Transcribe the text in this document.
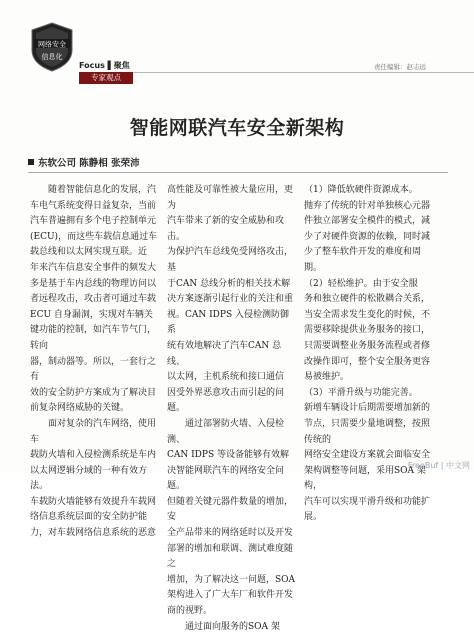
网络安全
信息化
Focus ▌聚焦
专家观点
责任编辑：赵志远
智能网联汽车安全新架构
东软公司 陈静相 张荣沛

　　随着智能信息化的发展，汽

车电气系统变得日益复杂，当前

汽车普遍拥有多个电子控制单元

(ECU)，而这些车载信息通过车

载总线和以太网实现互联。近

年来汽车信息安全事件的频发大

多是基于车内总线的物理访问以

者远程攻击，攻击者可通过车载

ECU 自身漏洞，实现对车辆关

键功能的控制，如汽车节气门，转向

器，制动器等。所以，一套行之有

效的安全防护方案成为了解决目

前复杂网络威胁的关键。

　　面对复杂的汽车网络，使用车

载防火墙和入侵检测系统是车内

以太网逻辑分域的一种有效方法。

车载防火墙能够有效提升车载网

络信息系统层面的安全防护能

力，对车载网络信息系统的恶意

高性能及可靠性被大量应用，更为

汽车带来了新的安全威胁和攻击。

为保护汽车总线免受网络攻击，基

于CAN 总线分析的相关技术解

决方案逐渐引起行业的关注和重

视。CAN IDPS 入侵检测防御系

统有效地解决了汽车CAN 总线、

以太网，主机系统和接口通信

因受外界恶意攻击而引起的问题。

　　通过部署防火墙、入侵检测、

CAN IDPS 等设备能够有效解

决智能网联汽车的网络安全问题。

但随着关键元器件数量的增加，安

全产品带来的网络延时以及开发

部署的增加和联调、测试难度随之

增加，为了解决这一问题，SOA

架构进入了广大车厂和软件开发

商的视野。

　　通过面向服务的SOA 架

（1）降低软硬件资源成本。

抛弃了传统的针对单独核心元器

件独立部署安全模件的模式，减

少了对硬件资源的依赖，同时减

少了整车软件开发的难度和周

期。

（2）轻松维护。由于安全服

务和独立硬件的松散耦合关系，

当安全需求发生变化的时候，不

需要移除提供业务服务的接口，

只需要调整业务服务流程或者修

改操作即可，整个安全服务更容

易被维护。

（3）平滑升级与功能完善。

新增车辆设计后期需要增加新的

节点，只需要少量地调整，按照传统的

网络安全建设方案就会面临安全

架构调整等问题，采用SOA 架构，

汽车可以实现平滑升级和功能扩展。

FreeBuf | 中文网
